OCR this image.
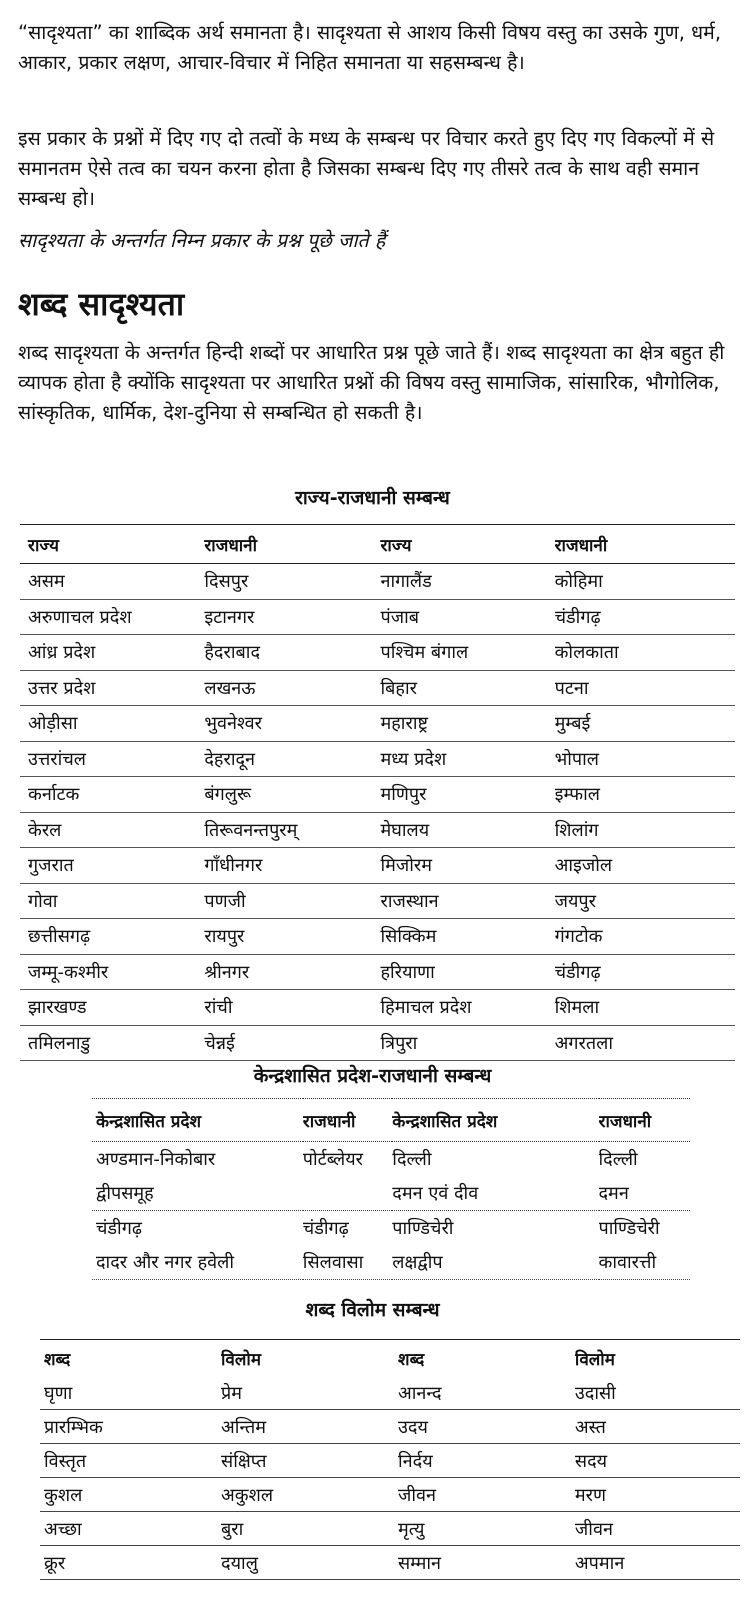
“सादृश्यता” का शाब्दिक अर्थ समानता है। सादृश्यता से आशय किसी विषय वस्तु का उसके गुण, धर्म, आकार, प्रकार लक्षण, आचार-विचार में निहित समानता या सहसम्बन्ध है।

इस प्रकार के प्रश्नों में दिए गए दो तत्वों के मध्य के सम्बन्ध पर विचार करते हुए दिए गए विकल्पों में से समानतम ऐसे तत्व का चयन करना होता है जिसका सम्बन्ध दिए गए तीसरे तत्व के साथ वही समान सम्बन्ध हो।

सादृश्यता के अन्तर्गत निम्न प्रकार के प्रश्न पूछे जाते हैं

शब्द सादृश्यता

शब्द सादृश्यता के अन्तर्गत हिन्दी शब्दों पर आधारित प्रश्न पूछे जाते हैं। शब्द सादृश्यता का क्षेत्र बहुत ही व्यापक होता है क्योंकि सादृश्यता पर आधारित प्रश्नों की विषय वस्तु सामाजिक, सांसारिक, भौगोलिक, सांस्कृतिक, धार्मिक, देश-दुनिया से सम्बन्धित हो सकती है।

राज्य-राजधानी सम्बन्ध

राज्य	राजधानी	राज्य	राजधानी
असम	दिसपुर	नागालैंड	कोहिमा
अरुणाचल प्रदेश	इटानगर	पंजाब	चंडीगढ़
आंध्र प्रदेश	हैदराबाद	पश्चिम बंगाल	कोलकाता
उत्तर प्रदेश	लखनऊ	बिहार	पटना
ओड़ीसा	भुवनेश्वर	महाराष्ट्र	मुम्बई
उत्तरांचल	देहरादून	मध्य प्रदेश	भोपाल
कर्नाटक	बंगलुरू	मणिपुर	इम्फाल
केरल	तिरूवनन्तपुरम्	मेघालय	शिलांग
गुजरात	गाँधीनगर	मिजोरम	आइजोल
गोवा	पणजी	राजस्थान	जयपुर
छत्तीसगढ़	रायपुर	सिक्किम	गंगटोक
जम्मू-कश्मीर	श्रीनगर	हरियाणा	चंडीगढ़
झारखण्ड	रांची	हिमाचल प्रदेश	शिमला
तमिलनाडु	चेन्नई	त्रिपुरा	अगरतला

केन्द्रशासित प्रदेश-राजधानी सम्बन्ध

केन्द्रशासित प्रदेश	राजधानी	केन्द्रशासित प्रदेश	राजधानी
अण्डमान-निकोबार	पोर्टब्लेयर	दिल्ली	दिल्ली
द्वीपसमूह		दमन एवं दीव	दमन
चंडीगढ़	चंडीगढ़	पाण्डिचेरी	पाण्डिचेरी
दादर और नगर हवेली	सिलवासा	लक्षद्वीप	कावारत्ती

शब्द विलोम सम्बन्ध

शब्द	विलोम	शब्द	विलोम
घृणा	प्रेम	आनन्द	उदासी
प्रारम्भिक	अन्तिम	उदय	अस्त
विस्तृत	संक्षिप्त	निर्दय	सदय
कुशल	अकुशल	जीवन	मरण
अच्छा	बुरा	मृत्यु	जीवन
क्रूर	दयालु	सम्मान	अपमान
